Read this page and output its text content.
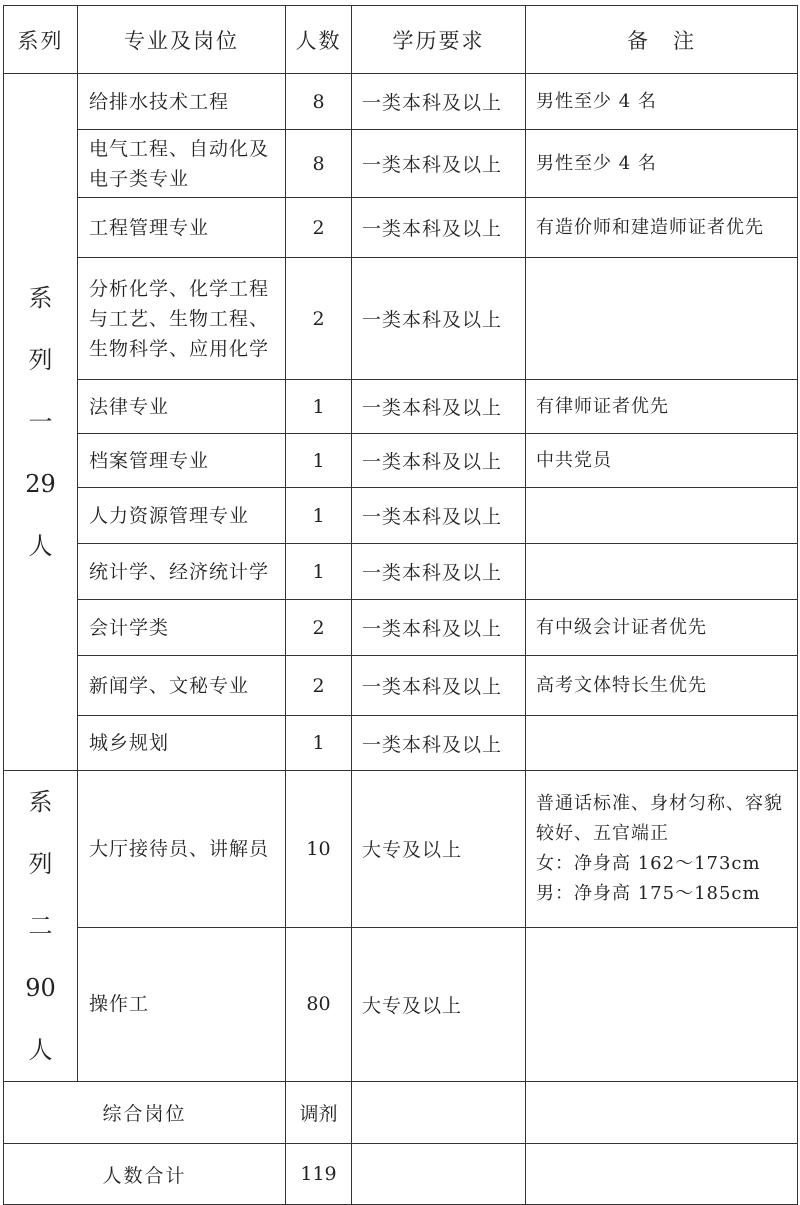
系列	专业及岗位	人数	学历要求	备　注

系
列
一
29
人	给排水技术工程	8	一类本科及以上	男性至少 4 名
	电气工程、自动化及电子类专业	8	一类本科及以上	男性至少 4 名
	工程管理专业	2	一类本科及以上	有造价师和建造师证者优先
	分析化学、化学工程与工艺、生物工程、生物科学、应用化学	2	一类本科及以上	
	法律专业	1	一类本科及以上	有律师证者优先
	档案管理专业	1	一类本科及以上	中共党员
	人力资源管理专业	1	一类本科及以上	
	统计学、经济统计学	1	一类本科及以上	
	会计学类	2	一类本科及以上	有中级会计证者优先
	新闻学、文秘专业	2	一类本科及以上	高考文体特长生优先
	城乡规划	1	一类本科及以上	

系
列
二
90
人	大厅接待员、讲解员	10	大专及以上	普通话标准、身材匀称、容貌较好、五官端正
女：净身高 162～173cm
男：净身高 175～185cm

	操作工	80	大专及以上	
综合岗位		调剂		
人数合计		119		
